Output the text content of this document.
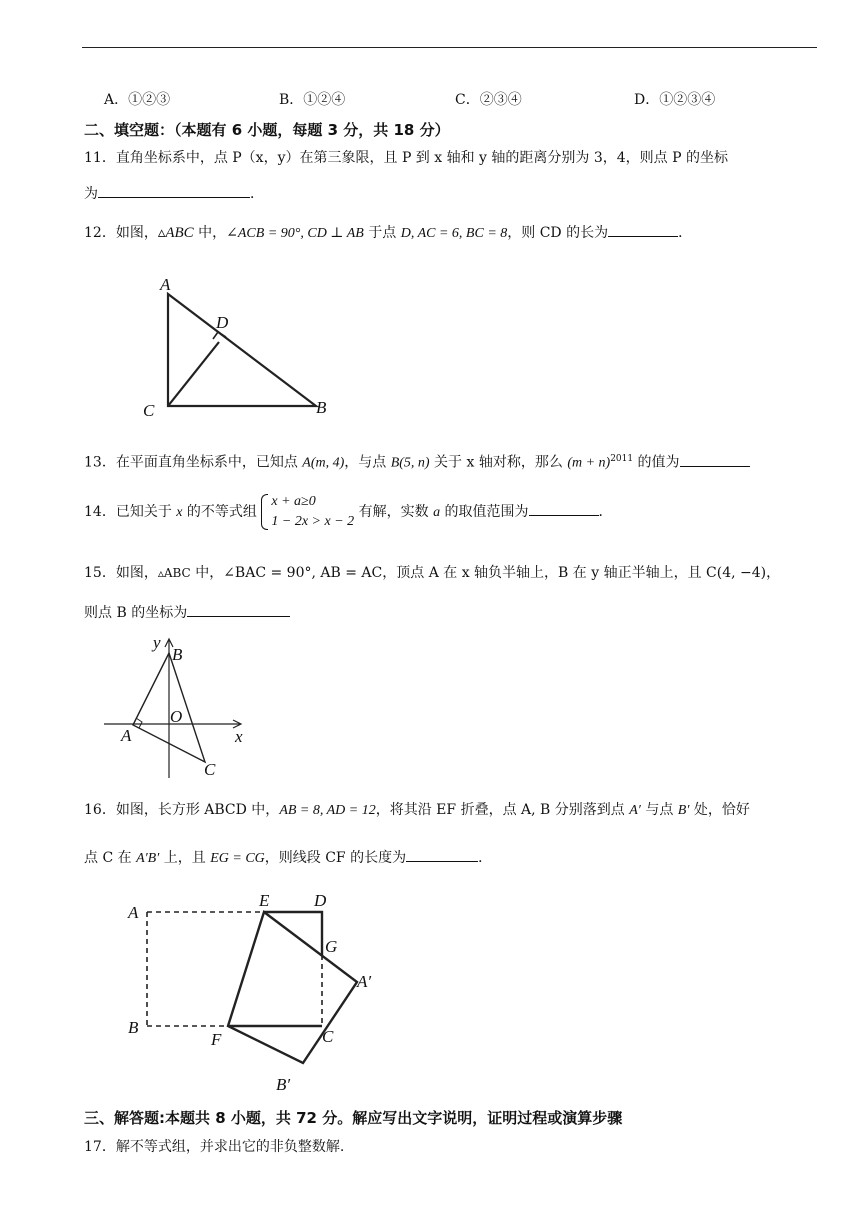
A．①②③	B．①②④	C．②③④	D．①②③④
二、填空题：（本题有 6 小题，每题 3 分，共 18 分）
11．直角坐标系中，点 P（x，y）在第三象限，且 P 到 x 轴和 y 轴的距离分别为 3，4，则点 P 的坐标
为	．
12．如图，▵ABC 中，∠ACB = 90°, CD ⊥ AB 于点 D, AC = 6, BC = 8，则 CD 的长为	．
A
D
C	B
13．在平面直角坐标系中，已知点 A(m, 4)，与点 B(5, n) 关于 x 轴对称，那么 $(m + n)^{2011}$ 的值为
14．已知关于 x 的不等式组
x + a≥0
1 − 2x > x − 2
有解，实数 a 的取值范围为	．
15．如图，▵ABC 中，∠BAC = 90°, AB = AC，顶点 A 在 x 轴负半轴上，B 在 y 轴正半轴上，且 C(4, −4)，
则点 B 的坐标为
y
B
O
A	x
C
16．如图，长方形 ABCD 中，AB = 8, AD = 12，将其沿 EF 折叠，点 A, B 分别落到点 A′ 与点 B′ 处，恰好
点 C 在 A′B′ 上，且 EG = CG，则线段 CF 的长度为	．
A
E	D
G
A′
B
F	C
B′
三、解答题:本题共 8 小题，共 72 分。解应写出文字说明，证明过程或演算步骤
17．解不等式组，并求出它的非负整数解.
